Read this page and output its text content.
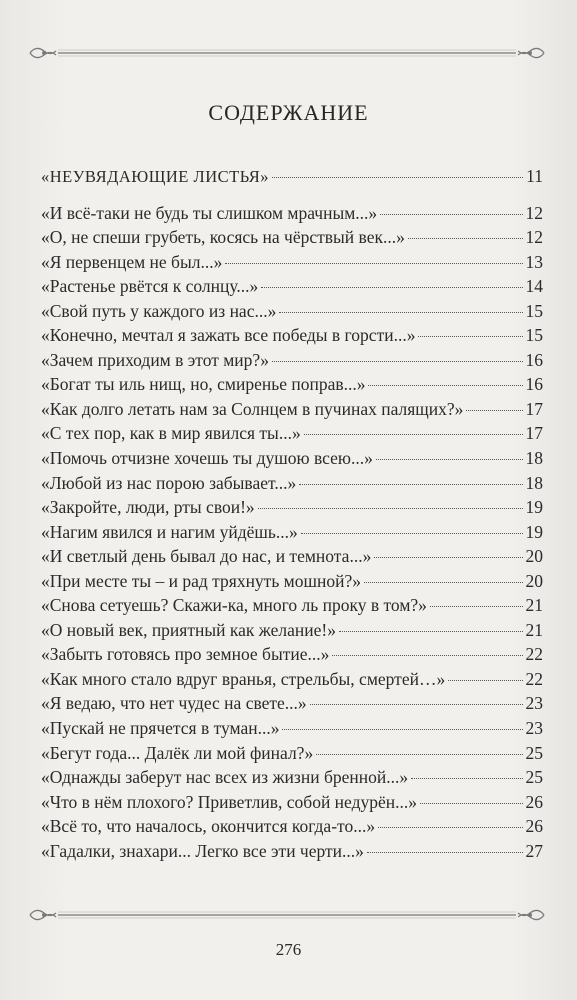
СОДЕРЖАНИЕ
«НЕУВЯДАЮЩИЕ ЛИСТЬЯ»	11
«И всё-таки не будь ты слишком мрачным...»	12
«О, не спеши грубеть, косясь на чёрствый век...»	12
«Я первенцем не был...»	13
«Растенье рвётся к солнцу...»	14
«Свой путь у каждого из нас...»	15
«Конечно, мечтал я зажать все победы в горсти...»	15
«Зачем приходим в этот мир?»	16
«Богат ты иль нищ, но, смиренье поправ...»	16
«Как долго летать нам за Солнцем в пучинах палящих?»	17
«С тех пор, как в мир явился ты...»	17
«Помочь отчизне хочешь ты душою всею...»	18
«Любой из нас порою забывает...»	18
«Закройте, люди, рты свои!»	19
«Нагим явился и нагим уйдёшь...»	19
«И светлый день бывал до нас, и темнота...»	20
«При месте ты – и рад тряхнуть мошной?»	20
«Снова сетуешь? Скажи-ка, много ль проку в том?»	21
«О новый век, приятный как желание!»	21
«Забыть готовясь про земное бытие...»	22
«Как много стало вдруг вранья, стрельбы, смертей…»	22
«Я ведаю, что нет чудес на свете...»	23
«Пускай не прячется в туман...»	23
«Бегут года... Далёк ли мой финал?»	25
«Однажды заберут нас всех из жизни бренной...»	25
«Что в нём плохого? Приветлив, собой недурён...»	26
«Всё то, что началось, окончится когда-то...»	26
«Гадалки, знахари... Легко все эти черти...»	27
276
